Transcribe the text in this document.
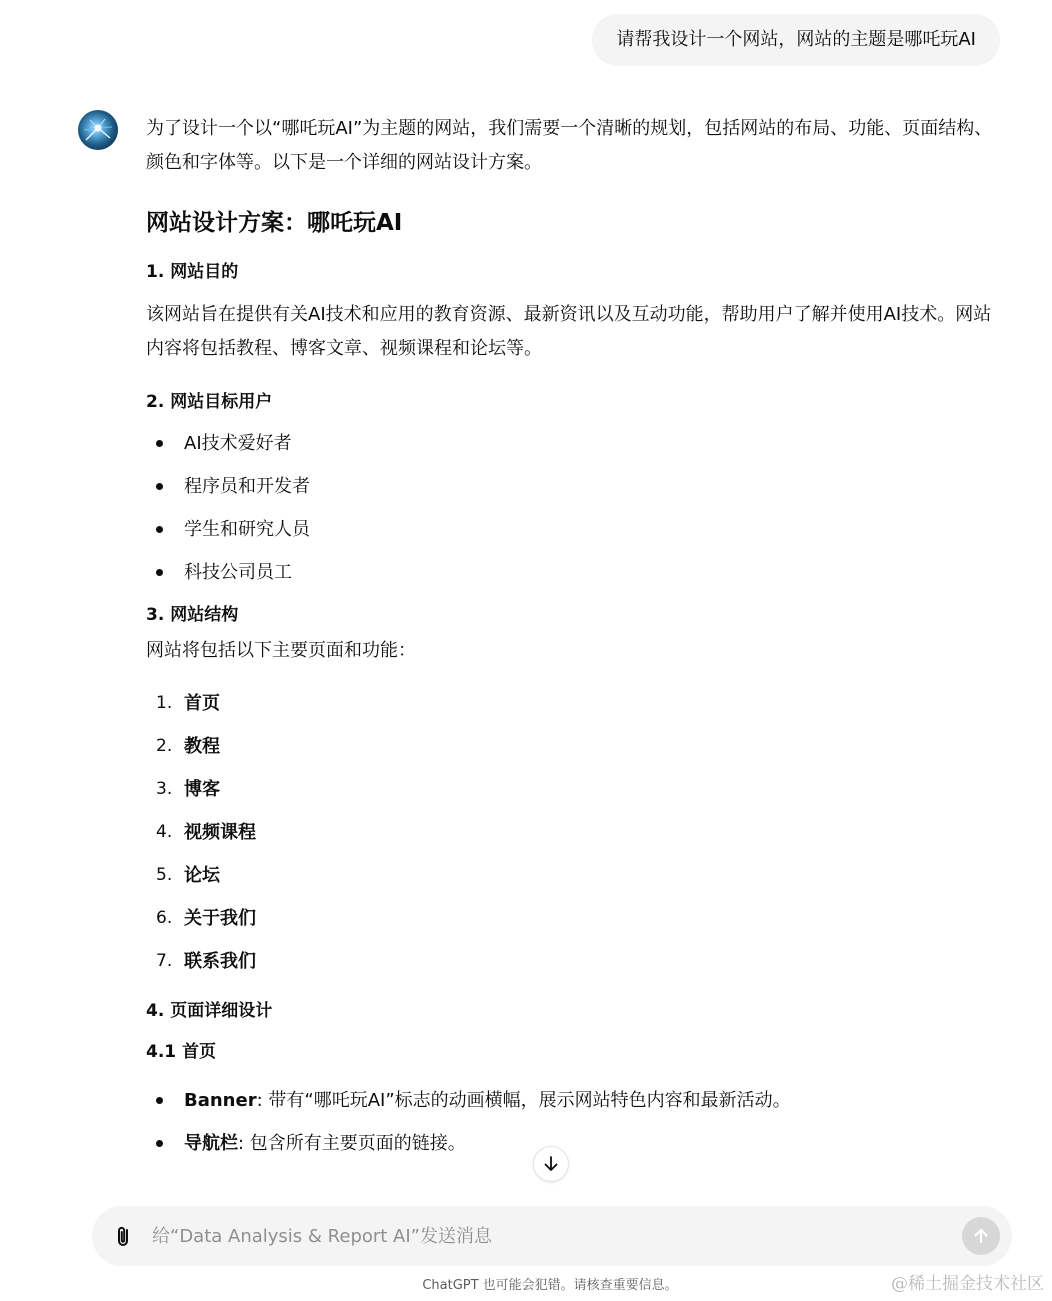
请帮我设计一个网站，网站的主题是哪吒玩AI

为了设计一个以“哪吒玩AI”为主题的网站，我们需要一个清晰的规划，包括网站的布局、功能、页面结构、颜色和字体等。以下是一个详细的网站设计方案。

网站设计方案：哪吒玩AI
1. 网站目的

该网站旨在提供有关AI技术和应用的教育资源、最新资讯以及互动功能，帮助用户了解并使用AI技术。网站内容将包括教程、博客文章、视频课程和论坛等。

2. 网站目标用户
AI技术爱好者
程序员和开发者
学生和研究人员
科技公司员工
3. 网站结构

网站将包括以下主要页面和功能：

1. 首页
2. 教程
3. 博客
4. 视频课程
5. 论坛
6. 关于我们
7. 联系我们
4. 页面详细设计
4.1 首页
Banner: 带有“哪吒玩AI”标志的动画横幅，展示网站特色内容和最新活动。
导航栏: 包含所有主要页面的链接。
给“Data Analysis & Report AI”发送消息
ChatGPT 也可能会犯错。请核查重要信息。	@稀土掘金技术社区
